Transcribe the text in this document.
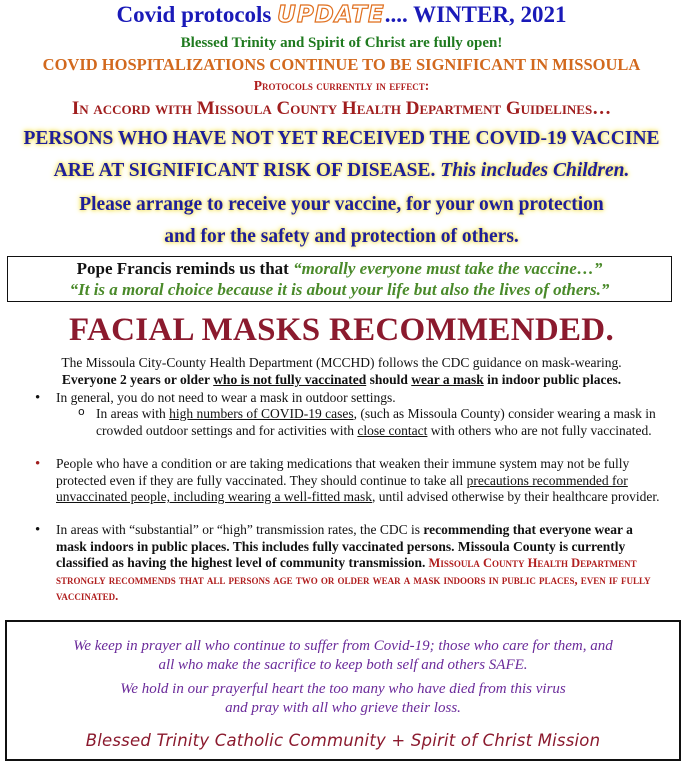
Covid protocols UPDATE.... WINTER, 2021
Blessed Trinity and Spirit of Christ are fully open!
COVID HOSPITALIZATIONS CONTINUE TO BE SIGNIFICANT IN MISSOULA
Protocols currently in effect:
In accord with Missoula County Health Department Guidelines…
PERSONS WHO HAVE NOT YET RECEIVED THE COVID-19 VACCINE
ARE AT SIGNIFICANT RISK OF DISEASE. This includes Children.
Please arrange to receive your vaccine, for your own protection
and for the safety and protection of others.
Pope Francis reminds us that “morally everyone must take the vaccine…”
“It is a moral choice because it is about your life but also the lives of others.”
FACIAL MASKS RECOMMENDED.
The Missoula City-County Health Department (MCCHD) follows the CDC guidance on mask-wearing.
Everyone 2 years or older who is not fully vaccinated should wear a mask in indoor public places.
• In general, you do not need to wear a mask in outdoor settings.
o In areas with high numbers of COVID-19 cases, (such as Missoula County) consider wearing a mask in crowded outdoor settings and for activities with close contact with others who are not fully vaccinated.
• People who have a condition or are taking medications that weaken their immune system may not be fully protected even if they are fully vaccinated. They should continue to take all precautions recommended for unvaccinated people, including wearing a well-fitted mask, until advised otherwise by their healthcare provider.
• In areas with “substantial” or “high” transmission rates, the CDC is recommending that everyone wear a mask indoors in public places. This includes fully vaccinated persons. Missoula County is currently classified as having the highest level of community transmission. Missoula County Health Department strongly recommends that all persons age two or older wear a mask indoors in public places, even if fully vaccinated.
We keep in prayer all who continue to suffer from Covid-19; those who care for them, and
all who make the sacrifice to keep both self and others SAFE.
We hold in our prayerful heart the too many who have died from this virus
and pray with all who grieve their loss.
Blessed Trinity Catholic Community + Spirit of Christ Mission
